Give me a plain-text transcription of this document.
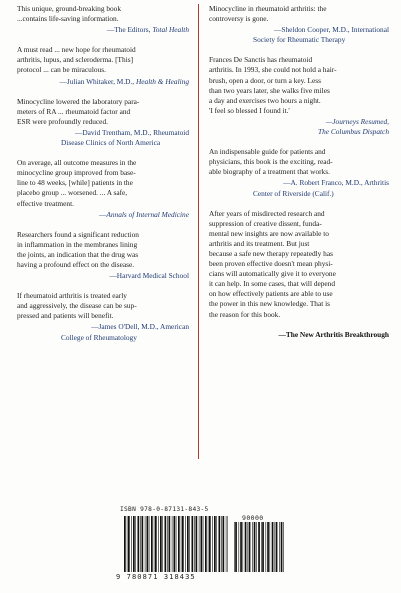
This unique, ground-breaking book
...contains life-saving information.

—The Editors, Total Health

A must read ... new hope for rheumatoid
arthritis, lupus, and scleroderma. [This]
protocol ... can be miraculous.

—Julian Whitaker, M.D., Health & Healing

Minocycline lowered the laboratory para-
meters of RA ... rheumatoid factor and
ESR were profoundly reduced.

—David Trentham, M.D., Rheumatoid
Disease Clinics of North America

On average, all outcome measures in the
minocycline group improved from base-
line to 48 weeks, [while] patients in the
placebo group ... worsened. ... A safe,
effective treatment.

—Annals of Internal Medicine

Researchers found a significant reduction
in inflammation in the membranes lining
the joints, an indication that the drug was
having a profound effect on the disease.

—Harvard Medical School

If rheumatoid arthritis is treated early
and aggressively, the disease can be sup-
pressed and patients will benefit.

—James O'Dell, M.D., American
College of Rheumatology

Minocycline in rheumatoid arthritis: the
controversy is gone.

—Sheldon Cooper, M.D., International
Society for Rheumatic Therapy

Frances De Sanctis has rheumatoid
arthritis. In 1993, she could not hold a hair-
brush, open a door, or turn a key. Less
than two years later, she walks five miles
a day and exercises two hours a night.
'I feel so blessed I found it.'

—Journeys Resumed,
The Columbus Dispatch

An indispensable guide for patients and
physicians, this book is the exciting, read-
able biography of a treatment that works.

—A. Robert Franco, M.D., Arthritis
Center of Riverside (Calif.)

After years of misdirected research and
suppression of creative dissent, funda-
mental new insights are now available to
arthritis and its treatment. But just
because a safe new therapy repeatedly has
been proven effective doesn't mean physi-
cians will automatically give it to everyone
it can help. In some cases, that will depend
on how effectively patients are able to use
the power in this new knowledge. That is
the reason for this book.

—The New Arthritis Breakthrough

ISBN 978-0-87131-843-5
90000
9 780871 318435
